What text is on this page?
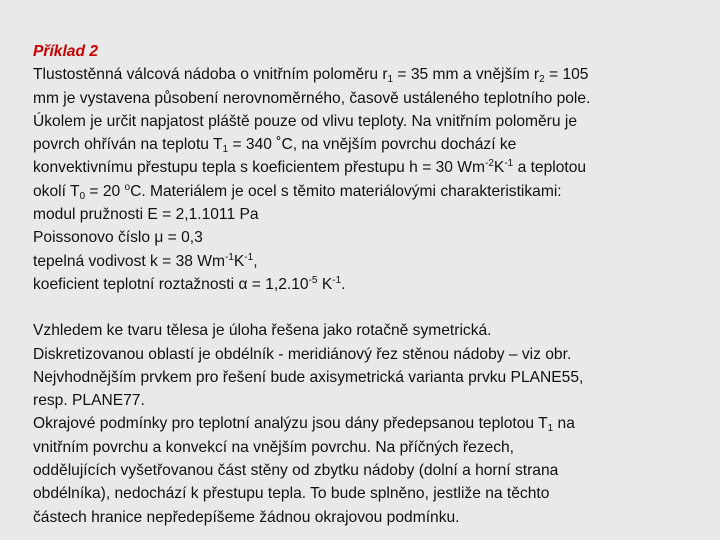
Příklad 2
Tlustostěnná válcová nádoba o vnitřním poloměru $r_1 = 35$ mm a vnějším $r_2 = 105$
mm je vystavena působení nerovnoměrného, časově ustáleného teplotního pole.
Úkolem je určit napjatost pláště pouze od vlivu teploty. Na vnitřním poloměru je
povrch ohříván na teplotu $T_1 = 340$ ˚C, na vnějším povrchu dochází ke
konvektivnímu přestupu tepla s koeficientem přestupu h = 30 $Wm^{-2}K^{-1}$ a teplotou
okolí $T_0 = 20$ $^o$C. Materiálem je ocel s těmito materiálovými charakteristikami:
modul pružnosti E = 2,1.1011 Pa
Poissonovo číslo μ = 0,3
tepelná vodivost k = 38 $Wm^{-1}K^{-1}$,
koeficient teplotní roztažnosti $\alpha = 1,2.10^{-5}$ $K^{-1}$.
Vzhledem ke tvaru tělesa je úloha řešena jako rotačně symetrická.
Diskretizovanou oblastí je obdélník - meridiánový řez stěnou nádoby – viz obr.
Nejvhodnějším prvkem pro řešení bude axisymetrická varianta prvku PLANE55,
resp. PLANE77.
Okrajové podmínky pro teplotní analýzu jsou dány předepsanou teplotou $T_1$ na
vnitřním povrchu a konvekcí na vnějším povrchu. Na příčných řezech,
oddělujících vyšetřovanou část stěny od zbytku nádoby (dolní a horní strana
obdélníka), nedochází k přestupu tepla. To bude splněno, jestliže na těchto
částech hranice nepředepíšeme žádnou okrajovou podmínku.
